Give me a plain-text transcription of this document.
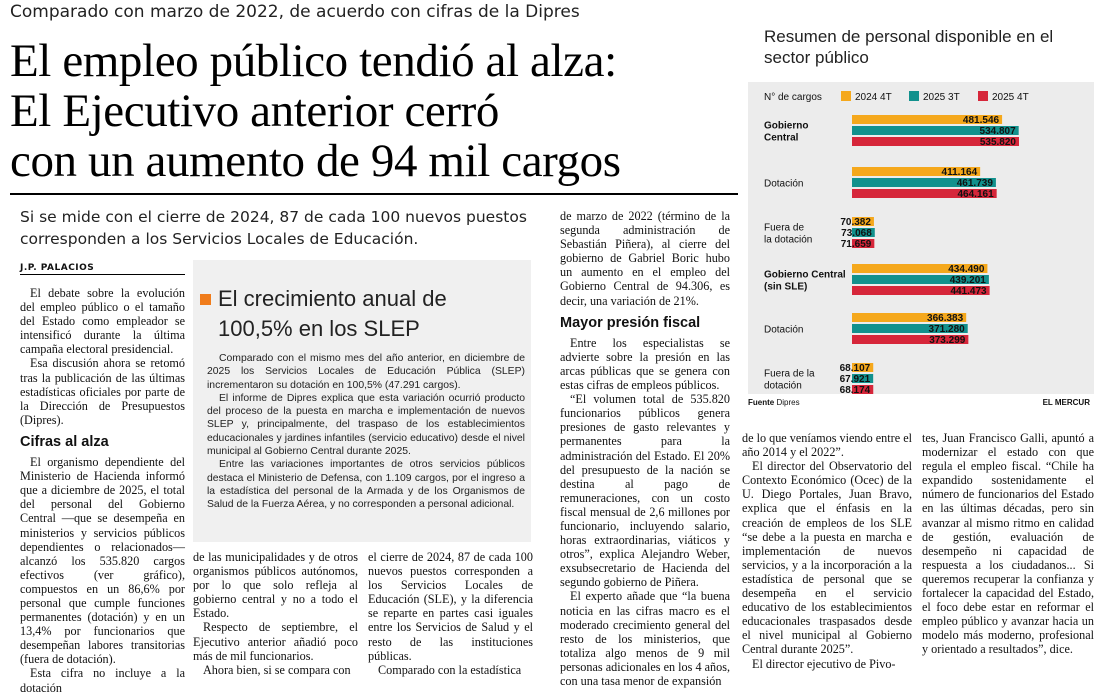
Comparado con marzo de 2022, de acuerdo con cifras de la Dipres
El empleo público tendió al alza:
El Ejecutivo anterior cerró
con un aumento de 94 mil cargos
Si se mide con el cierre de 2024, 87 de cada 100 nuevos puestos corresponden a los Servicios Locales de Educación.
J.P. PALACIOS

El debate sobre la evolución del empleo público o el tamaño del Estado como empleador se intensificó durante la última campaña electoral presidencial.

Esa discusión ahora se retomó tras la publicación de las últimas estadísticas oficiales por parte de la Dirección de Presupuestos (Dipres).

Cifras al alza

El organismo dependiente del Ministerio de Hacienda informó que a diciembre de 2025, el total del personal del Gobierno Central —que se desempeña en ministerios y servicios públicos dependientes o relacionados— alcanzó los 535.820 cargos efectivos (ver gráfico), compuestos en un 86,6% por personal que cumple funciones permanentes (dotación) y en un 13,4% por funcionarios que desempeñan labores transitorias (fuera de dotación).

Esta cifra no incluye a la dotación

El crecimiento anual de 100,5% en los SLEP

Comparado con el mismo mes del año anterior, en diciembre de 2025 los Servicios Locales de Educación Pública (SLEP) incrementaron su dotación en 100,5% (47.291 cargos).

El informe de Dipres explica que esta variación ocurrió producto del proceso de la puesta en marcha e implementación de nuevos SLEP y, principalmente, del traspaso de los establecimientos educacionales y jardines infantiles (servicio educativo) desde el nivel municipal al Gobierno Central durante 2025.

Entre las variaciones importantes de otros servicios públicos destaca el Ministerio de Defensa, con 1.109 cargos, por el ingreso a la estadística del personal de la Armada y de los Organismos de Salud de la Fuerza Aérea, y no corresponden a personal adicional.

de las municipalidades y de otros organismos públicos autónomos, por lo que solo refleja al gobierno central y no a todo el Estado.

Respecto de septiembre, el Ejecutivo anterior añadió poco más de mil funcionarios.

Ahora bien, si se compara con

el cierre de 2024, 87 de cada 100 nuevos puestos corresponden a los Servicios Locales de Educación (SLE), y la diferencia se reparte en partes casi iguales entre los Servicios de Salud y el resto de las instituciones públicas.

Comparado con la estadística

de marzo de 2022 (término de la segunda administración de Sebastián Piñera), al cierre del gobierno de Gabriel Boric hubo un aumento en el empleo del Gobierno Central de 94.306, es decir, una variación de 21%.

Mayor presión fiscal

Entre los especialistas se advierte sobre la presión en las arcas públicas que se genera con estas cifras de empleos públicos.

“El volumen total de 535.820 funcionarios públicos genera presiones de gasto relevantes y permanentes para la administración del Estado. El 20% del presupuesto de la nación se destina al pago de remuneraciones, con un costo fiscal mensual de 2,6 millones por funcionario, incluyendo salario, horas extraordinarias, viáticos y otros”, explica Alejandro Weber, exsubsecretario de Hacienda del segundo gobierno de Piñera.

El experto añade que “la buena noticia en las cifras macro es el moderado crecimiento general del resto de los ministerios, que totaliza algo menos de 9 mil personas adicionales en los 4 años, con una tasa menor de expansión

de lo que veníamos viendo entre el año 2014 y el 2022”.

El director del Observatorio del Contexto Económico (Ocec) de la U. Diego Portales, Juan Bravo, explica que el énfasis en la creación de empleos de los SLE “se debe a la puesta en marcha e implementación de nuevos servicios, y a la incorporación a la estadística de personal que se desempeña en el servicio educativo de los establecimientos educacionales traspasados desde el nivel municipal al Gobierno Central durante 2025”.

El director ejecutivo de Pivo-

tes, Juan Francisco Galli, apuntó a modernizar el estado con que regula el empleo fiscal. “Chile ha expandido sostenidamente el número de funcionarios del Estado en las últimas décadas, pero sin avanzar al mismo ritmo en calidad de gestión, evaluación de desempeño ni capacidad de respuesta a los ciudadanos... Si queremos recuperar la confianza y fortalecer la capacidad del Estado, el foco debe estar en reformar el empleo público y avanzar hacia un modelo más moderno, profesional y orientado a resultados”, dice.

Resumen de personal disponible en el sector público
N° de cargos	2024 4T	2025 3T	2025 4T
Gobierno
Central
481.546
534.807
535.820
Dotación
411.164
461.739
464.161
Fuera de
la dotación
70.382
73.068
71.659
Gobierno Central
(sin SLE)
434.490
439.201
441.473
Dotación
366.383
371.280
373.299
Fuera de la
dotación
68.107
67.921
68.174
Fuente Dipres	EL MERCUR
